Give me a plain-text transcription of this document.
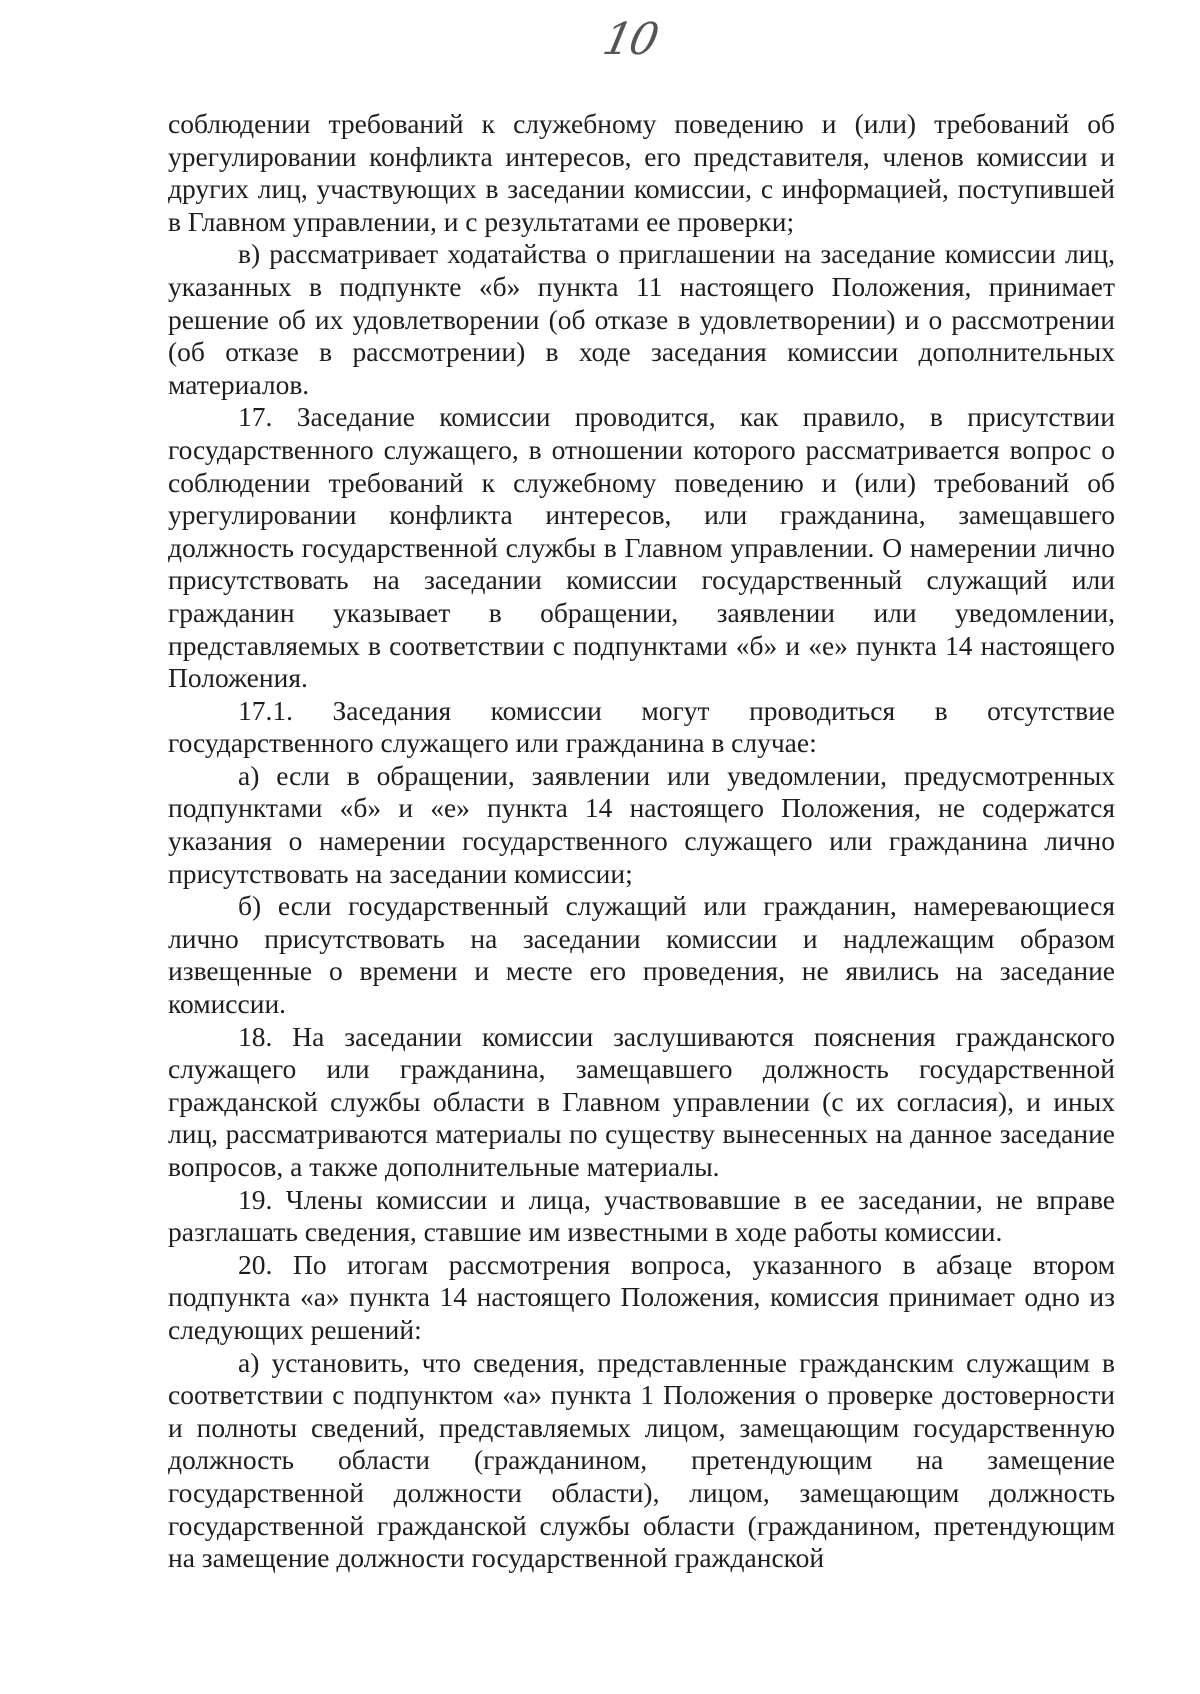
10

соблюдении требований к служебному поведению и (или) требований об урегулировании конфликта интересов, его представителя, членов комиссии и других лиц, участвующих в заседании комиссии, с информацией, поступившей в Главном управлении, и с результатами ее проверки;

в) рассматривает ходатайства о приглашении на заседание комиссии лиц, указанных в подпункте «б» пункта 11 настоящего Положения, принимает решение об их удовлетворении (об отказе в удовлетворении) и о рассмотрении (об отказе в рассмотрении) в ходе заседания комиссии дополнительных материалов.

17. Заседание комиссии проводится, как правило, в присутствии государственного служащего, в отношении которого рассматривается вопрос о соблюдении требований к служебному поведению и (или) требований об урегулировании конфликта интересов, или гражданина, замещавшего должность государственной службы в Главном управлении. О намерении лично присутствовать на заседании комиссии государственный служащий или гражданин указывает в обращении, заявлении или уведомлении, представляемых в соответствии с подпунктами «б» и «е» пункта 14 настоящего Положения.

17.1. Заседания комиссии могут проводиться в отсутствие государственного служащего или гражданина в случае:

а) если в обращении, заявлении или уведомлении, предусмотренных подпунктами «б» и «е» пункта 14 настоящего Положения, не содержатся указания о намерении государственного служащего или гражданина лично присутствовать на заседании комиссии;

б) если государственный служащий или гражданин, намеревающиеся лично присутствовать на заседании комиссии и надлежащим образом извещенные о времени и месте его проведения, не явились на заседание комиссии.

18. На заседании комиссии заслушиваются пояснения гражданского служащего или гражданина, замещавшего должность государственной гражданской службы области в Главном управлении (с их согласия), и иных лиц, рассматриваются материалы по существу вынесенных на данное заседание вопросов, а также дополнительные материалы.

19. Члены комиссии и лица, участвовавшие в ее заседании, не вправе разглашать сведения, ставшие им известными в ходе работы комиссии.

20. По итогам рассмотрения вопроса, указанного в абзаце втором подпункта «а» пункта 14 настоящего Положения, комиссия принимает одно из следующих решений:

а) установить, что сведения, представленные гражданским служащим в соответствии с подпунктом «а» пункта 1 Положения о проверке достоверности и полноты сведений, представляемых лицом, замещающим государственную должность области (гражданином, претендующим на замещение государственной должности области), лицом, замещающим должность государственной гражданской службы области (гражданином, претендующим на замещение должности государственной гражданской
